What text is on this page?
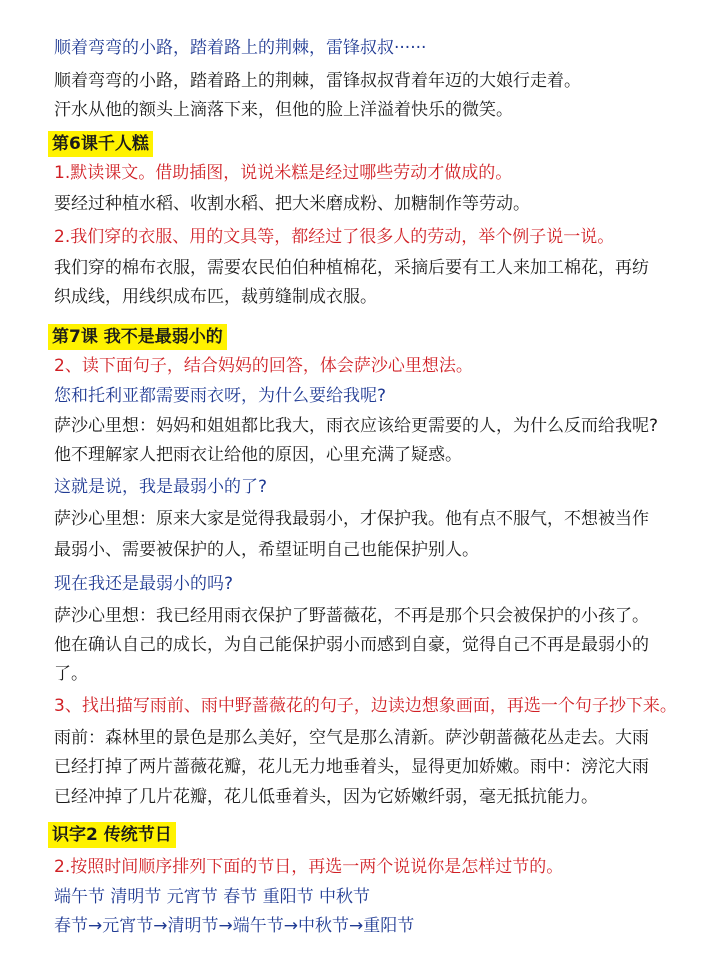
顺着弯弯的小路，踏着路上的荆棘，雷锋叔叔······
顺着弯弯的小路，踏着路上的荆棘，雷锋叔叔背着年迈的大娘行走着。
汗水从他的额头上滴落下来，但他的脸上洋溢着快乐的微笑。
第6课千人糕
1.默读课文。借助插图，说说米糕是经过哪些劳动才做成的。
要经过种植水稻、收割水稻、把大米磨成粉、加糖制作等劳动。
2.我们穿的衣服、用的文具等，都经过了很多人的劳动，举个例子说一说。
我们穿的棉布衣服，需要农民伯伯种植棉花，采摘后要有工人来加工棉花，再纺
织成线，用线织成布匹，裁剪缝制成衣服。
第7课 我不是最弱小的
2、读下面句子，结合妈妈的回答，体会萨沙心里想法。
您和托利亚都需要雨衣呀，为什么要给我呢?
萨沙心里想：妈妈和姐姐都比我大，雨衣应该给更需要的人，为什么反而给我呢?
他不理解家人把雨衣让给他的原因，心里充满了疑惑。
这就是说，我是最弱小的了?
萨沙心里想：原来大家是觉得我最弱小，才保护我。他有点不服气，不想被当作
最弱小、需要被保护的人，希望证明自己也能保护别人。
现在我还是最弱小的吗?
萨沙心里想：我已经用雨衣保护了野蔷薇花，不再是那个只会被保护的小孩了。
他在确认自己的成长，为自己能保护弱小而感到自豪，觉得自己不再是最弱小的
了。
3、找出描写雨前、雨中野蔷薇花的句子，边读边想象画面，再选一个句子抄下来。
雨前：森林里的景色是那么美好，空气是那么清新。萨沙朝蔷薇花丛走去。大雨
已经打掉了两片蔷薇花瓣，花儿无力地垂着头，显得更加娇嫩。雨中：滂沱大雨
已经冲掉了几片花瓣，花儿低垂着头，因为它娇嫩纤弱，毫无抵抗能力。
识字2 传统节日
2.按照时间顺序排列下面的节日，再选一两个说说你是怎样过节的。
端午节 清明节 元宵节 春节 重阳节 中秋节
春节→元宵节→清明节→端午节→中秋节→重阳节
